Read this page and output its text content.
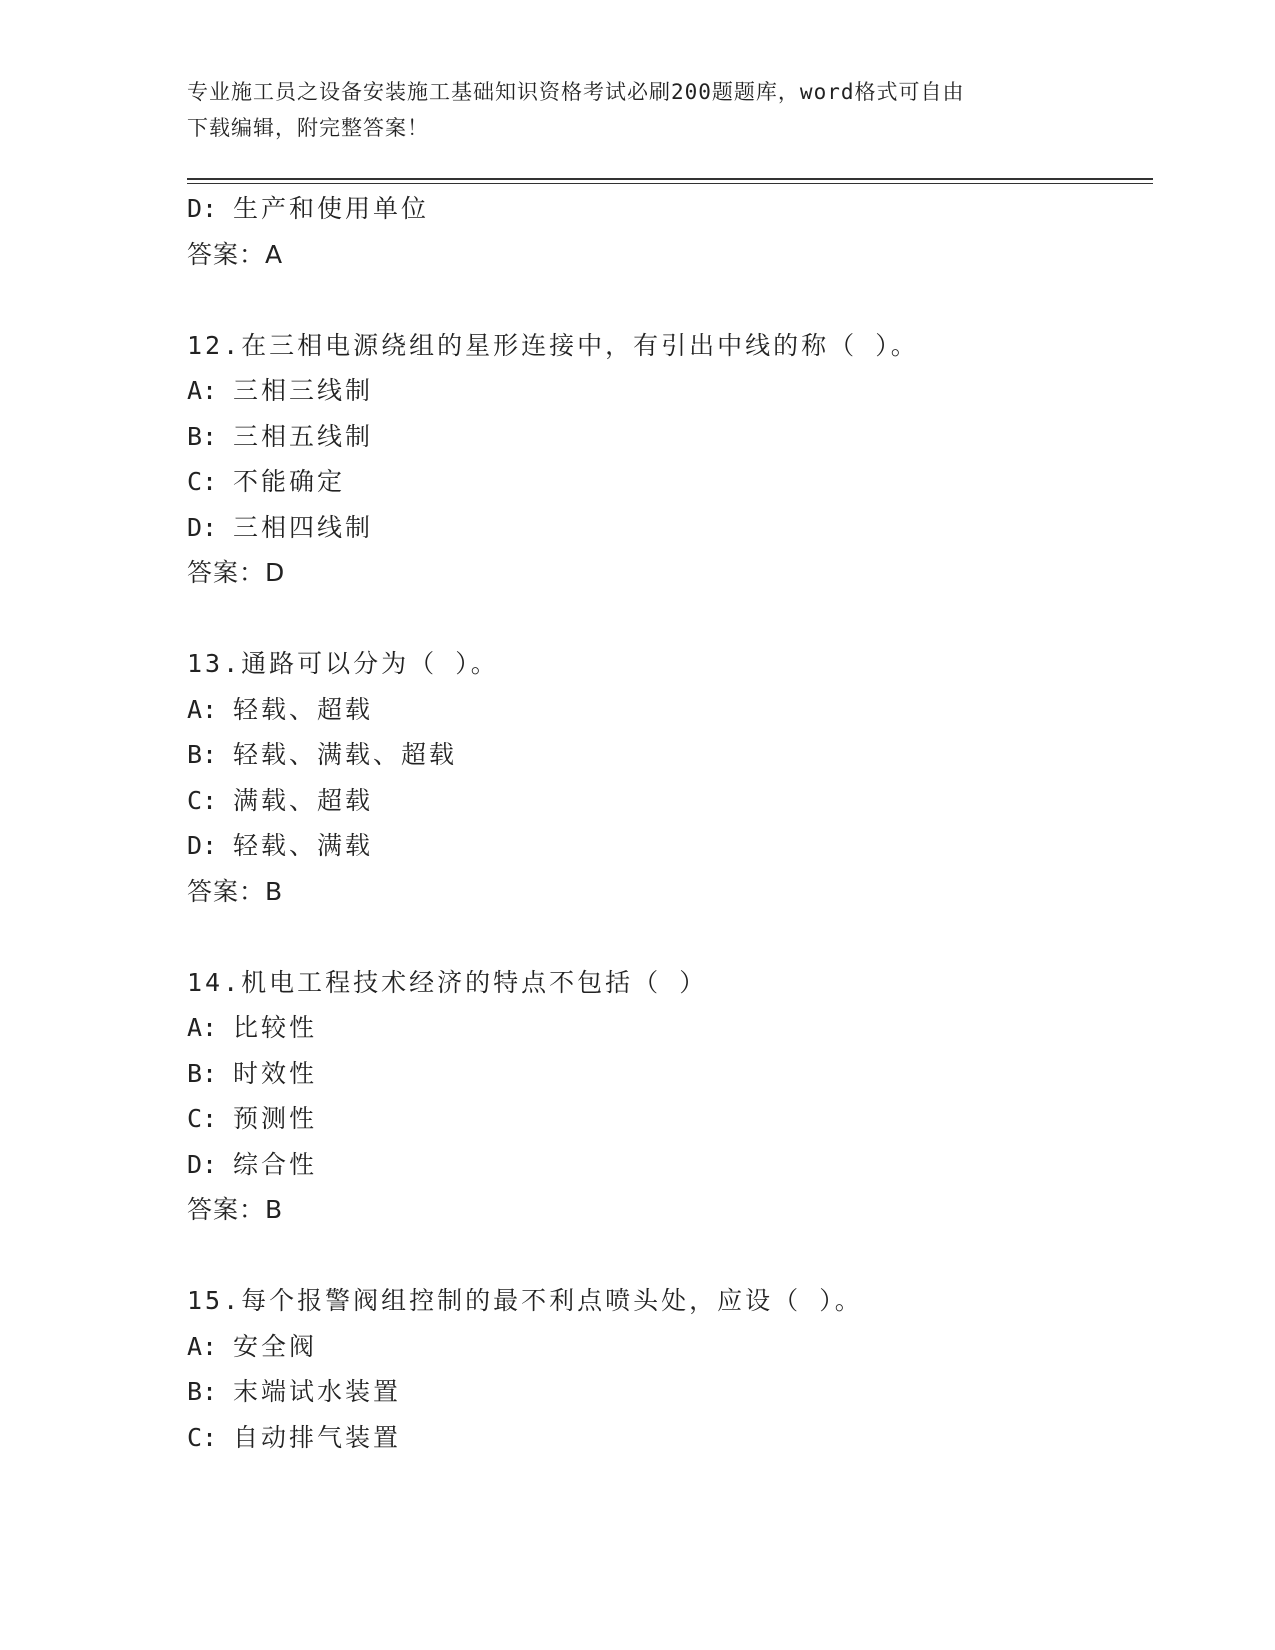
专业施工员之设备安装施工基础知识资格考试必刷200题题库，word格式可自由
下载编辑，附完整答案！
D: 生产和使用单位
答案：A
12.在三相电源绕组的星形连接中，有引出中线的称（ ）。
A: 三相三线制
B: 三相五线制
C: 不能确定
D: 三相四线制
答案：D
13.通路可以分为（ ）。
A: 轻载、超载
B: 轻载、满载、超载
C: 满载、超载
D: 轻载、满载
答案：B
14.机电工程技术经济的特点不包括（ ）
A: 比较性
B: 时效性
C: 预测性
D: 综合性
答案：B
15.每个报警阀组控制的最不利点喷头处，应设（ ）。
A: 安全阀
B: 末端试水装置
C: 自动排气装置
